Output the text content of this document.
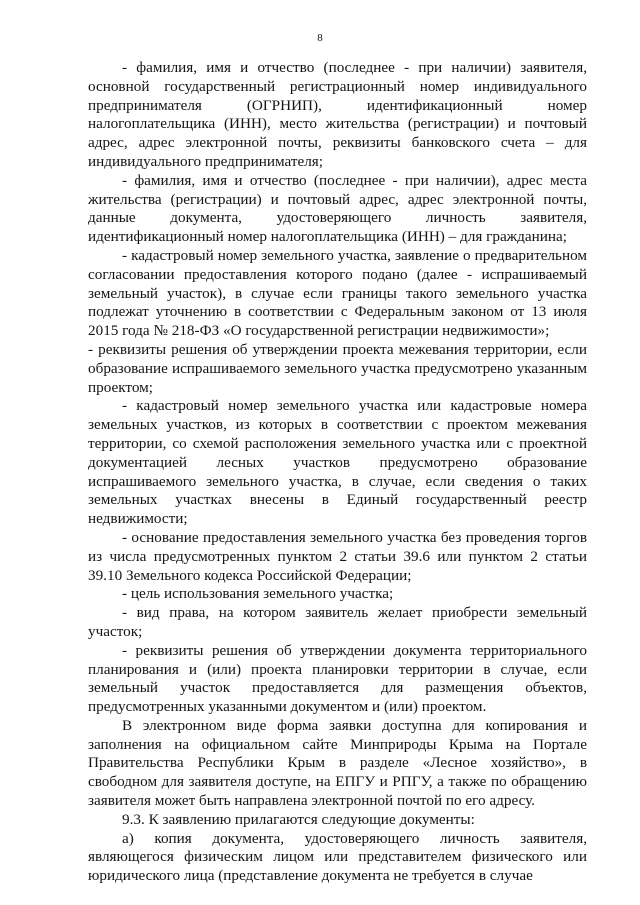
8

- фамилия, имя и отчество (последнее - при наличии) заявителя, основной государственный регистрационный номер индивидуального предпринимателя (ОГРНИП), идентификационный номер налогоплательщика (ИНН), место жительства (регистрации) и почтовый адрес, адрес электронной почты, реквизиты банковского счета – для индивидуального предпринимателя;

- фамилия, имя и отчество (последнее - при наличии), адрес места жительства (регистрации) и почтовый адрес, адрес электронной почты, данные документа, удостоверяющего личность заявителя, идентификационный номер налогоплательщика (ИНН) – для гражданина;

- кадастровый номер земельного участка, заявление о предварительном согласовании предоставления которого подано (далее - испрашиваемый земельный участок), в случае если границы такого земельного участка подлежат уточнению в соответствии с Федеральным законом от 13 июля 2015 года № 218-ФЗ «О государственной регистрации недвижимости»;

- реквизиты решения об утверждении проекта межевания территории, если образование испрашиваемого земельного участка предусмотрено указанным проектом;

- кадастровый номер земельного участка или кадастровые номера земельных участков, из которых в соответствии с проектом межевания территории, со схемой расположения земельного участка или с проектной документацией лесных участков предусмотрено образование испрашиваемого земельного участка, в случае, если сведения о таких земельных участках внесены в Единый государственный реестр недвижимости;

- основание предоставления земельного участка без проведения торгов из числа предусмотренных пунктом 2 статьи 39.6 или пунктом 2 статьи 39.10 Земельного кодекса Российской Федерации;

- цель использования земельного участка;

- вид права, на котором заявитель желает приобрести земельный участок;

- реквизиты решения об утверждении документа территориального планирования и (или) проекта планировки территории в случае, если земельный участок предоставляется для размещения объектов, предусмотренных указанными документом и (или) проектом.

В электронном виде форма заявки доступна для копирования и заполнения на официальном сайте Минприроды Крыма на Портале Правительства Республики Крым в разделе «Лесное хозяйство», в свободном для заявителя доступе, на ЕПГУ и РПГУ, а также по обращению заявителя может быть направлена электронной почтой по его адресу.

9.3. К заявлению прилагаются следующие документы:

а) копия документа, удостоверяющего личность заявителя, являющегося физическим лицом или представителем физического или юридического лица (представление документа не требуется в случае
